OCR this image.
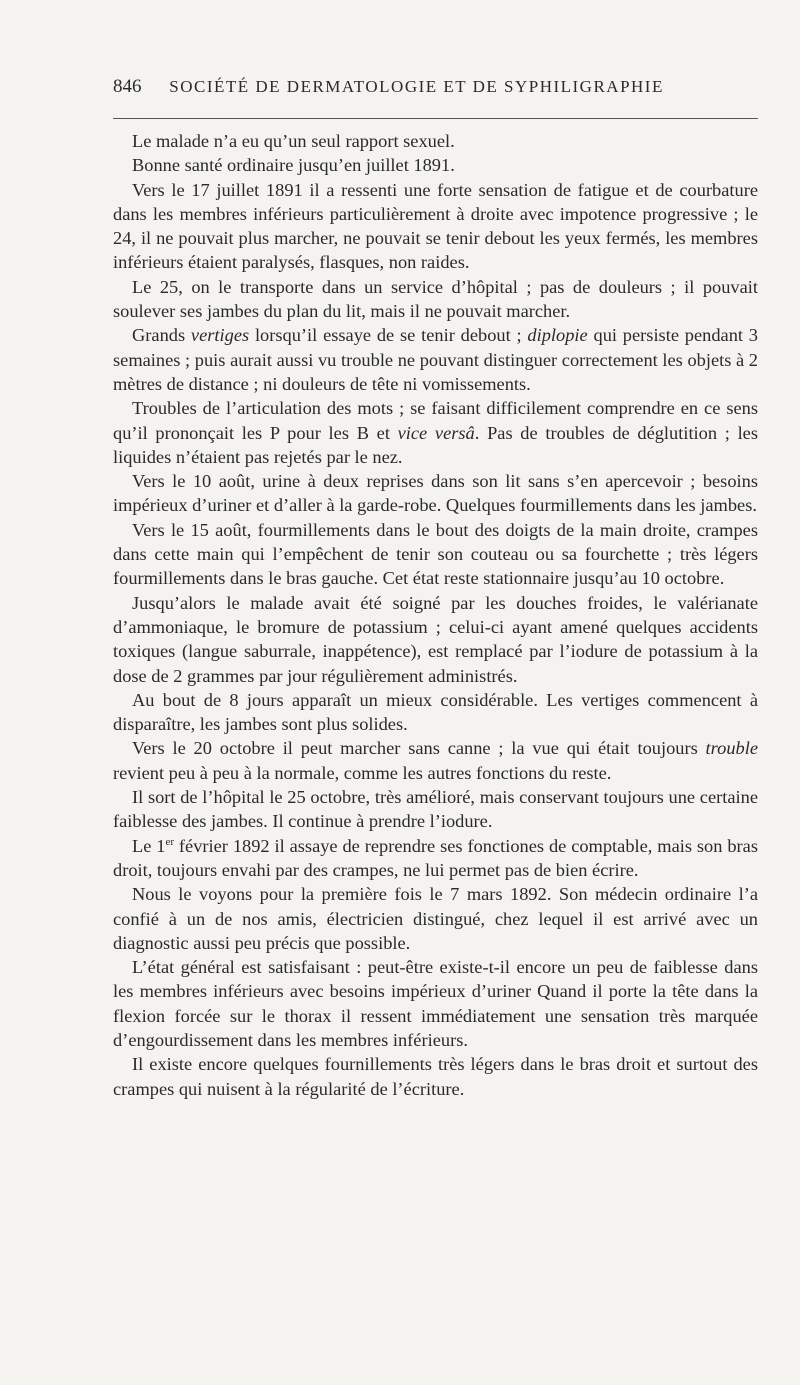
846 SOCIÉTÉ DE DERMATOLOGIE ET DE SYPHILIGRAPHIE

Le malade n’a eu qu’un seul rapport sexuel.

Bonne santé ordinaire jusqu’en juillet 1891.

Vers le 17 juillet 1891 il a ressenti une forte sensation de fatigue et de courbature dans les membres inférieurs particulièrement à droite avec impotence progressive ; le 24, il ne pouvait plus marcher, ne pouvait se tenir debout les yeux fermés, les membres inférieurs étaient paralysés, flasques, non raides.

Le 25, on le transporte dans un service d’hôpital ; pas de douleurs ; il pouvait soulever ses jambes du plan du lit, mais il ne pouvait marcher.

Grands vertiges lorsqu’il essaye de se tenir debout ; diplopie qui persiste pendant 3 semaines ; puis aurait aussi vu trouble ne pouvant distinguer correctement les objets à 2 mètres de distance ; ni douleurs de tête ni vomissements.

Troubles de l’articulation des mots ; se faisant difficilement comprendre en ce sens qu’il prononçait les P pour les B et vice versâ. Pas de troubles de déglutition ; les liquides n’étaient pas rejetés par le nez.

Vers le 10 août, urine à deux reprises dans son lit sans s’en apercevoir ; besoins impérieux d’uriner et d’aller à la garde-robe. Quelques fourmillements dans les jambes.

Vers le 15 août, fourmillements dans le bout des doigts de la main droite, crampes dans cette main qui l’empêchent de tenir son couteau ou sa fourchette ; très légers fourmillements dans le bras gauche. Cet état reste stationnaire jusqu’au 10 octobre.

Jusqu’alors le malade avait été soigné par les douches froides, le valérianate d’ammoniaque, le bromure de potassium ; celui-ci ayant amené quelques accidents toxiques (langue saburrale, inappétence), est remplacé par l’iodure de potassium à la dose de 2 grammes par jour régulièrement administrés.

Au bout de 8 jours apparaît un mieux considérable. Les vertiges commencent à disparaître, les jambes sont plus solides.

Vers le 20 octobre il peut marcher sans canne ; la vue qui était toujours trouble revient peu à peu à la normale, comme les autres fonctions du reste.

Il sort de l’hôpital le 25 octobre, très amélioré, mais conservant toujours une certaine faiblesse des jambes. Il continue à prendre l’iodure.

Le 1er février 1892 il assaye de reprendre ses fonctiones de comptable, mais son bras droit, toujours envahi par des crampes, ne lui permet pas de bien écrire.

Nous le voyons pour la première fois le 7 mars 1892. Son médecin ordinaire l’a confié à un de nos amis, électricien distingué, chez lequel il est arrivé avec un diagnostic aussi peu précis que possible.

L’état général est satisfaisant : peut-être existe-t-il encore un peu de faiblesse dans les membres inférieurs avec besoins impérieux d’uriner Quand il porte la tête dans la flexion forcée sur le thorax il ressent immédiatement une sensation très marquée d’engourdissement dans les membres inférieurs.

Il existe encore quelques fournillements très légers dans le bras droit et surtout des crampes qui nuisent à la régularité de l’écriture.
